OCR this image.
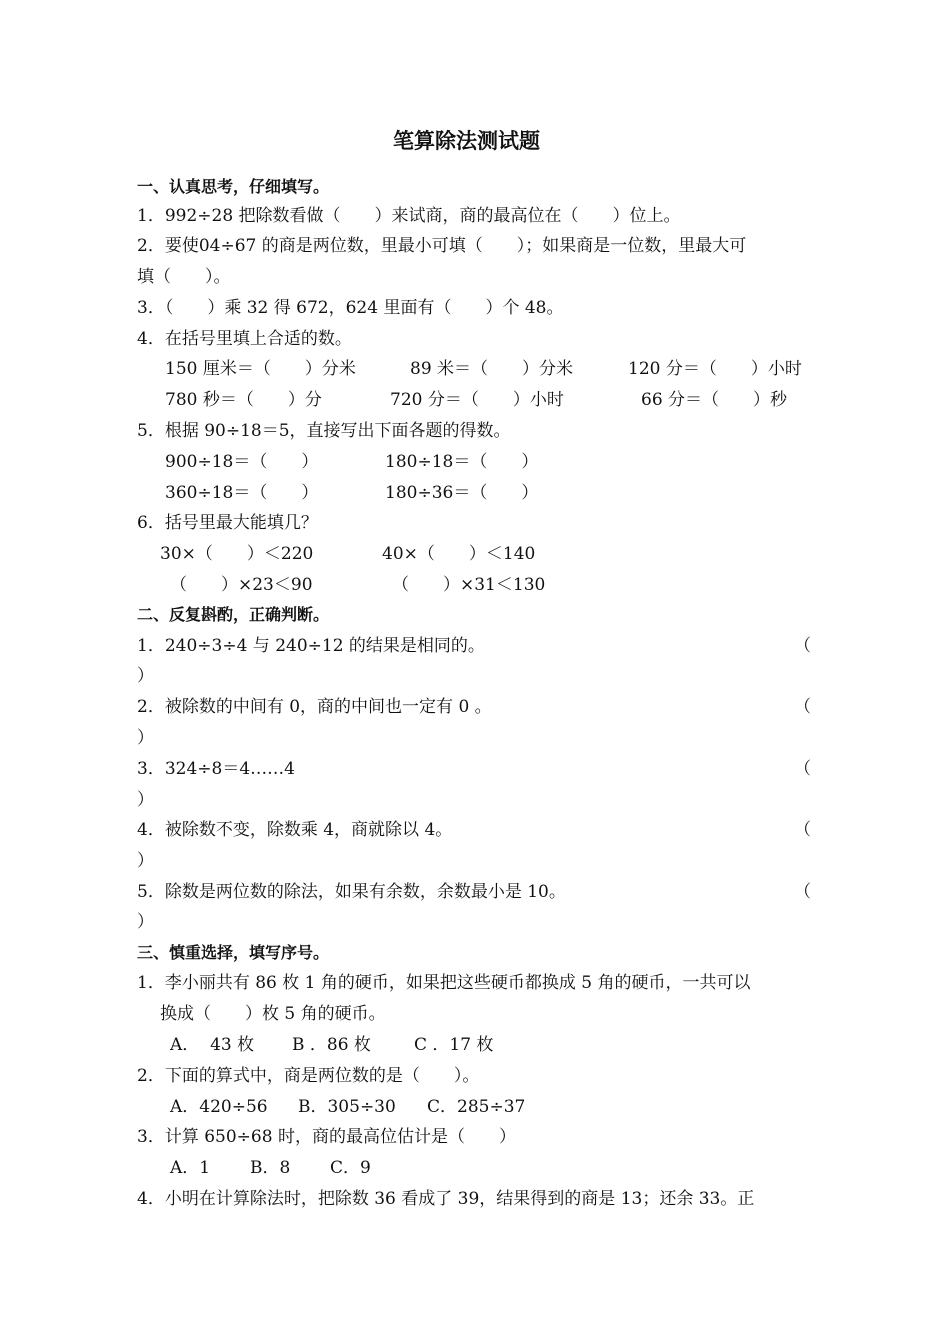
笔算除法测试题
一、认真思考，仔细填写。
1．992÷28 把除数看做（　　）来试商，商的最高位在（　　）位上。
2．要使04÷67 的商是两位数，里最小可填（　　）；如果商是一位数，里最大可
填（　　）。
3．（　　）乘 32 得 672，624 里面有（　　）个 48。
4．在括号里填上合适的数。
150 厘米＝（　　）分米	89 米＝（　　）分米	120 分＝（　　）小时
780 秒＝（　　）分	720 分＝（　　）小时	66 分＝（　　）秒
5．根据 90÷18＝5，直接写出下面各题的得数。
900÷18＝（　　）	180÷18＝（　　）
360÷18＝（　　）	180÷36＝（　　）
6．括号里最大能填几？
30×（　　）＜220	40×（　　）＜140
（　　）×23＜90	（　　）×31＜130
二、反复斟酌，正确判断。
1．240÷3÷4 与 240÷12 的结果是相同的。	（
）
2．被除数的中间有 0，商的中间也一定有 0 。	（
）
3．324÷8＝4……4	（
）
4．被除数不变，除数乘 4，商就除以 4。	（
）
5．除数是两位数的除法，如果有余数，余数最小是 10。	（
）
三、慎重选择，填写序号。
1．李小丽共有 86 枚 1 角的硬币，如果把这些硬币都换成 5 角的硬币，一共可以
换成（　　）枚 5 角的硬币。
A．  43 枚 B ．86 枚	C ．17 枚
2．下面的算式中，商是两位数的是（　　）。
A．420÷56 B．305÷30 C．285÷37
3．计算 650÷68 时，商的最高位估计是（　　）
A．1 B．8 C．9
4．小明在计算除法时，把除数 36 看成了 39，结果得到的商是 13；还余 33。正
